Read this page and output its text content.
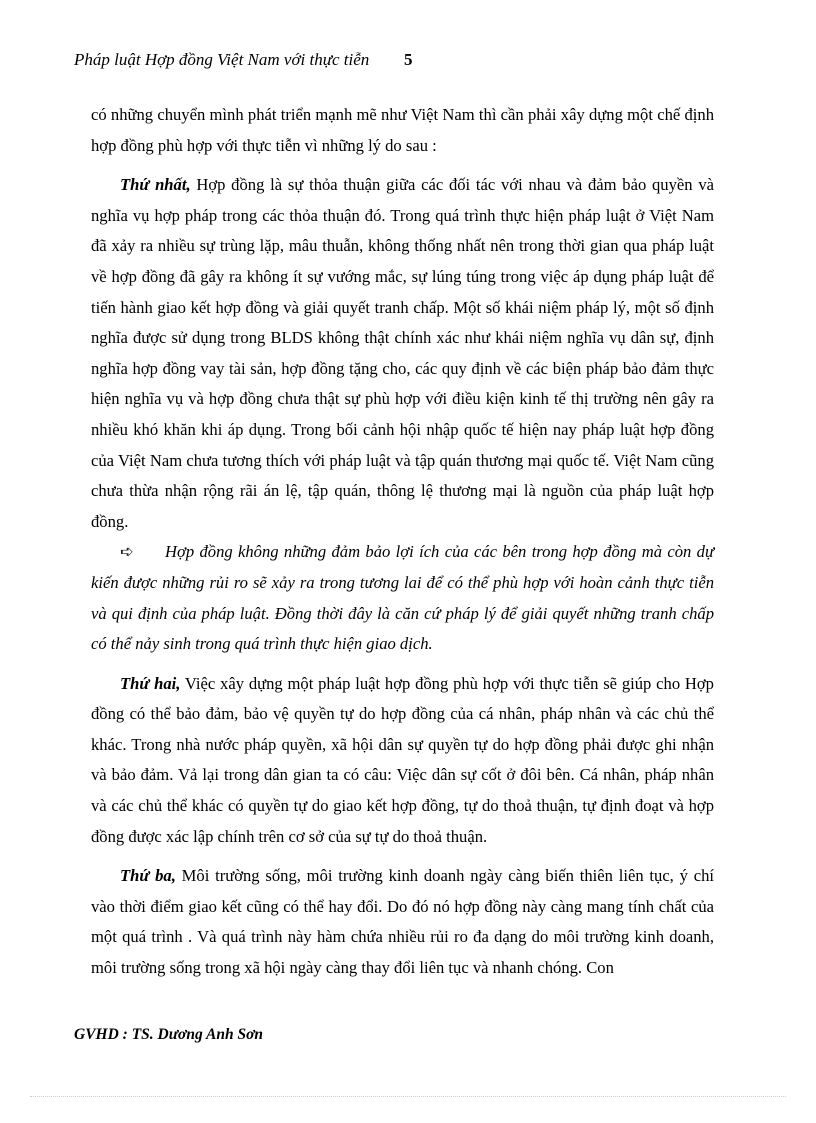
Pháp luật Hợp đồng Việt Nam với thực tiễn 5

có những chuyển mình phát triển mạnh mẽ như Việt Nam thì cần phải xây dựng một chế định hợp đồng phù hợp với thực tiễn vì những lý do sau :

Thứ nhất, Hợp đồng là sự thỏa thuận giữa các đối tác với nhau và đảm bảo quyền và nghĩa vụ hợp pháp trong các thỏa thuận đó. Trong quá trình thực hiện pháp luật ở Việt Nam đã xảy ra nhiều sự trùng lặp, mâu thuẫn, không thống nhất nên trong thời gian qua pháp luật về hợp đồng đã gây ra không ít sự vướng mắc, sự lúng túng trong việc áp dụng pháp luật để tiến hành giao kết hợp đồng và giải quyết tranh chấp. Một số khái niệm pháp lý, một số định nghĩa được sử dụng trong BLDS không thật chính xác như khái niệm nghĩa vụ dân sự, định nghĩa hợp đồng vay tài sản, hợp đồng tặng cho, các quy định về các biện pháp bảo đảm thực hiện nghĩa vụ và hợp đồng chưa thật sự phù hợp với điều kiện kinh tế thị trường nên gây ra nhiều khó khăn khi áp dụng. Trong bối cảnh hội nhập quốc tế hiện nay pháp luật hợp đồng của Việt Nam chưa tương thích với pháp luật và tập quán thương mại quốc tế. Việt Nam cũng chưa thừa nhận rộng rãi án lệ, tập quán, thông lệ thương mại là nguồn của pháp luật hợp đồng.

➪ Hợp đồng không những đảm bảo lợi ích của các bên trong hợp đồng mà còn dự kiến được những rủi ro sẽ xảy ra trong tương lai để có thể phù hợp với hoàn cảnh thực tiễn và qui định của pháp luật. Đồng thời đây là căn cứ pháp lý để giải quyết những tranh chấp có thể nảy sinh trong quá trình thực hiện giao dịch.

Thứ hai, Việc xây dựng một pháp luật hợp đồng phù hợp với thực tiễn sẽ giúp cho Hợp đồng có thể bảo đảm, bảo vệ quyền tự do hợp đồng của cá nhân, pháp nhân và các chủ thể khác. Trong nhà nước pháp quyền, xã hội dân sự quyền tự do hợp đồng phải được ghi nhận và bảo đảm. Vả lại trong dân gian ta có câu: Việc dân sự cốt ở đôi bên. Cá nhân, pháp nhân và các chủ thể khác có quyền tự do giao kết hợp đồng, tự do thoả thuận, tự định đoạt và hợp đồng được xác lập chính trên cơ sở của sự tự do thoả thuận.

Thứ ba, Môi trường sống, môi trường kinh doanh ngày càng biến thiên liên tục, ý chí vào thời điểm giao kết cũng có thể hay đổi. Do đó nó hợp đồng này càng mang tính chất của một quá trình . Và quá trình này hàm chứa nhiều rủi ro đa dạng do môi trường kinh doanh, môi trường sống trong xã hội ngày càng thay đổi liên tục và nhanh chóng. Con

GVHD : TS. Dương Anh Sơn
